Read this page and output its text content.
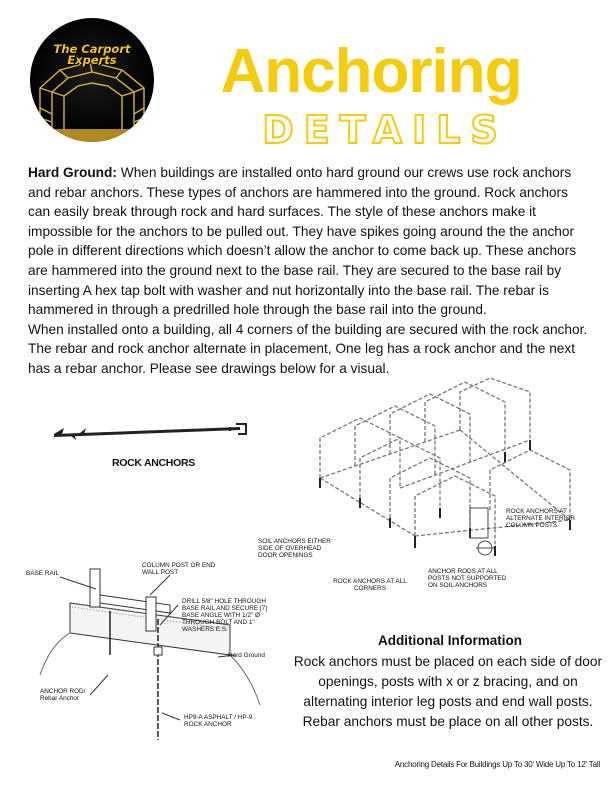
The Carport
Experts	Anchoring
DETAILS
Hard Ground: When buildings are installed onto hard ground our crews use rock anchors and rebar anchors. These types of anchors are hammered into the ground. Rock anchors can easily break through rock and hard surfaces. The style of these anchors make it impossible for the anchors to be pulled out. They have spikes going around the the anchor pole in different directions which doesn’t allow the anchor to come back up. These anchors are hammered into the ground next to the base rail. They are secured to the base rail by inserting A hex tap bolt with washer and nut horizontally into the base rail. The rebar is hammered in through a predrilled hole through the base rail into the ground.
When installed onto a building, all 4 corners of the building are secured with the rock anchor. The rebar and rock anchor alternate in placement, One leg has a rock anchor and the next has a rebar anchor. Please see drawings below for a visual.
ROCK ANCHORS
ROCK ANCHORS AT ALTERNATE INTERIOR COLUMN POSTS
SOIL ANCHORS EITHER SIDE OF OVERHEAD DOOR OPENINGS
ROCK ANCHORS AT ALL CORNERS
ANCHOR RODS AT ALL POSTS NOT SUPPORTED ON SOIL ANCHORS
BASE RAIL
COLUMN POST OR END WALL POST
DRILL 5/8" HOLE THROUGH BASE RAIL AND SECURE [7] BASE ANGLE WITH 1/2" Ø THROUGH BOLT AND 1" WASHERS E.S.
Hard Ground
ANCHOR ROD/ Rebar Anchor
HP9-A ASPHALT / HP-9 ROCK ANCHOR
Additional Information
Rock anchors must be placed on each side of door openings, posts with x or z bracing, and on alternating interior leg posts and end wall posts. Rebar anchors must be place on all other posts.
Anchoring Details For Buildings Up To 30' Wide Up To 12' Tall
